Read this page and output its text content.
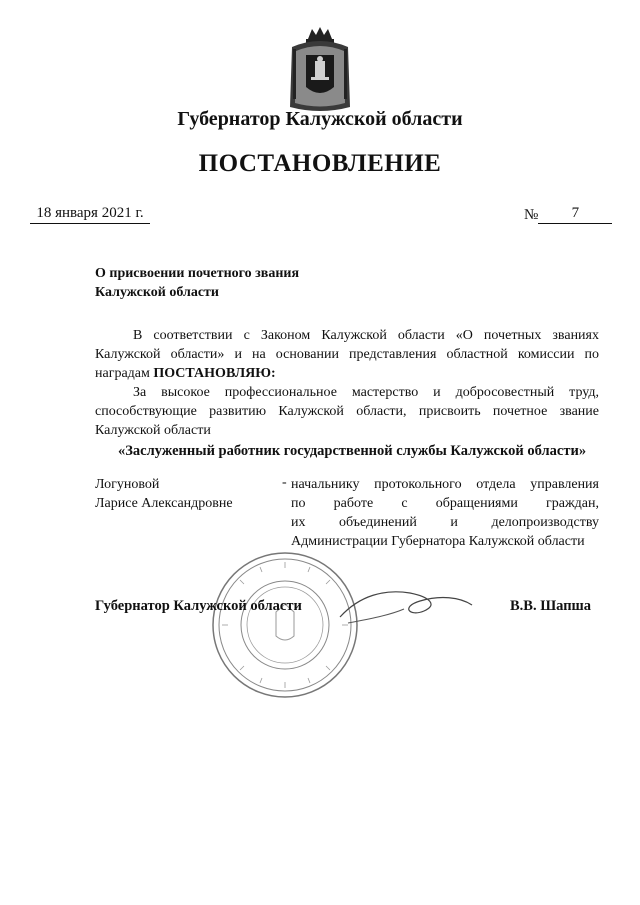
Губернатор Калужской области
ПОСТАНОВЛЕНИЕ
18 января 2021 г.	№	7
О присвоении почетного звания
Калужской области
В соответствии с Законом Калужской области «О почетных званиях Калужской области» и на основании представления областной комиссии по наградам ПОСТАНОВЛЯЮ:
За высокое профессиональное мастерство и добросовестный труд, способствующие развитию Калужской области, присвоить почетное звание Калужской области
«Заслуженный работник государственной службы Калужской области»
Логуновой
Ларисе Александровне
- начальнику протокольного отдела управления
по работе с обращениями граждан,
их объединений и делопроизводству
Администрации Губернатора Калужской области
Губернатор Калужской области	В.В. Шапша
